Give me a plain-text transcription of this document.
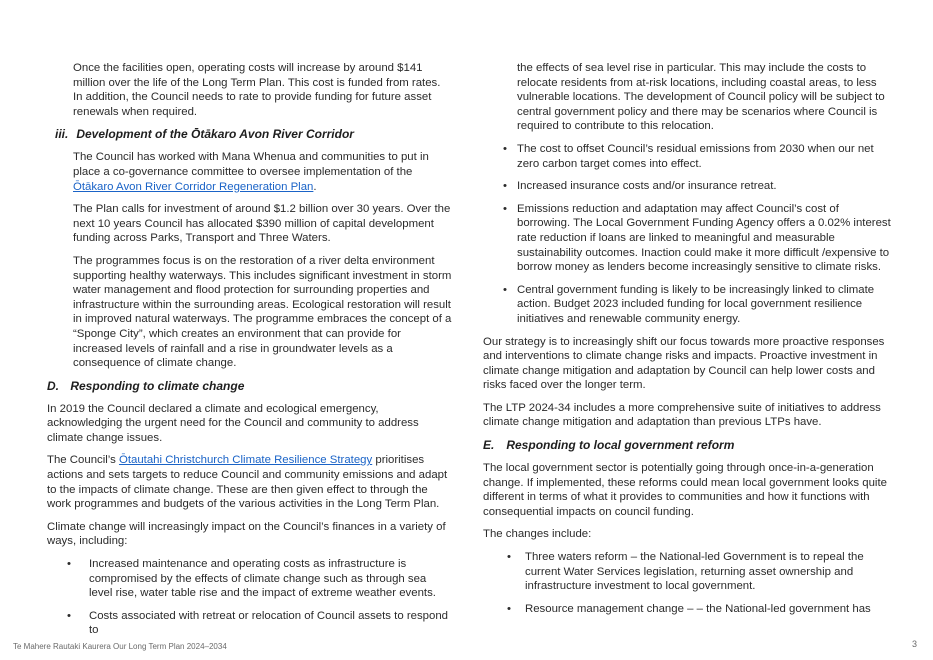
Once the facilities open, operating costs will increase by around $141 million over the life of the Long Term Plan. This cost is funded from rates. In addition, the Council needs to rate to provide funding for future asset renewals when required.

iii. Development of the Ōtākaro Avon River Corridor

The Council has worked with Mana Whenua and communities to put in place a co-governance committee to oversee implementation of the Ōtākaro Avon River Corridor Regeneration Plan.

The Plan calls for investment of around $1.2 billion over 30 years. Over the next 10 years Council has allocated $390 million of capital development funding across Parks, Transport and Three Waters.

The programmes focus is on the restoration of a river delta environment supporting healthy waterways. This includes significant investment in storm water management and flood protection for surrounding properties and infrastructure within the surrounding areas. Ecological restoration will result in improved natural waterways. The programme embraces the concept of a “Sponge City”, which creates an environment that can provide for increased levels of rainfall and a rise in groundwater levels as a consequence of climate change.

D. Responding to climate change

In 2019 the Council declared a climate and ecological emergency, acknowledging the urgent need for the Council and community to address climate change issues.

The Council’s Ōtautahi Christchurch Climate Resilience Strategy prioritises actions and sets targets to reduce Council and community emissions and adapt to the impacts of climate change. These are then given effect to through the work programmes and budgets of the various activities in the Long Term Plan.

Climate change will increasingly impact on the Council’s finances in a variety of ways, including:

• Increased maintenance and operating costs as infrastructure is compromised by the effects of climate change such as through sea level rise, water table rise and the impact of extreme weather events.
• Costs associated with retreat or relocation of Council assets to respond to
the effects of sea level rise in particular. This may include the costs to relocate residents from at-risk locations, including coastal areas, to less vulnerable locations. The development of Council policy will be subject to central government policy and there may be scenarios where Council is required to contribute to this relocation.
• The cost to offset Council’s residual emissions from 2030 when our net zero carbon target comes into effect.
• Increased insurance costs and/or insurance retreat.
• Emissions reduction and adaptation may affect Council’s cost of borrowing. The Local Government Funding Agency offers a 0.02% interest rate reduction if loans are linked to meaningful and measurable sustainability outcomes. Inaction could make it more difficult /expensive to borrow money as lenders become increasingly sensitive to climate risks.
• Central government funding is likely to be increasingly linked to climate action. Budget 2023 included funding for local government resilience initiatives and renewable community energy.

Our strategy is to increasingly shift our focus towards more proactive responses and interventions to climate change risks and impacts. Proactive investment in climate change mitigation and adaptation by Council can help lower costs and risks faced over the longer term.

The LTP 2024-34 includes a more comprehensive suite of initiatives to address climate change mitigation and adaptation than previous LTPs have.

E. Responding to local government reform

The local government sector is potentially going through once-in-a-generation change. If implemented, these reforms could mean local government looks quite different in terms of what it provides to communities and how it functions with consequential impacts on council funding.

The changes include:

• Three waters reform – the National-led Government is to repeal the current Water Services legislation, returning asset ownership and infrastructure investment to local government.
• Resource management change – – the National-led government has
Te Mahere Rautaki Kaurera Our Long Term Plan 2024–2034	3
